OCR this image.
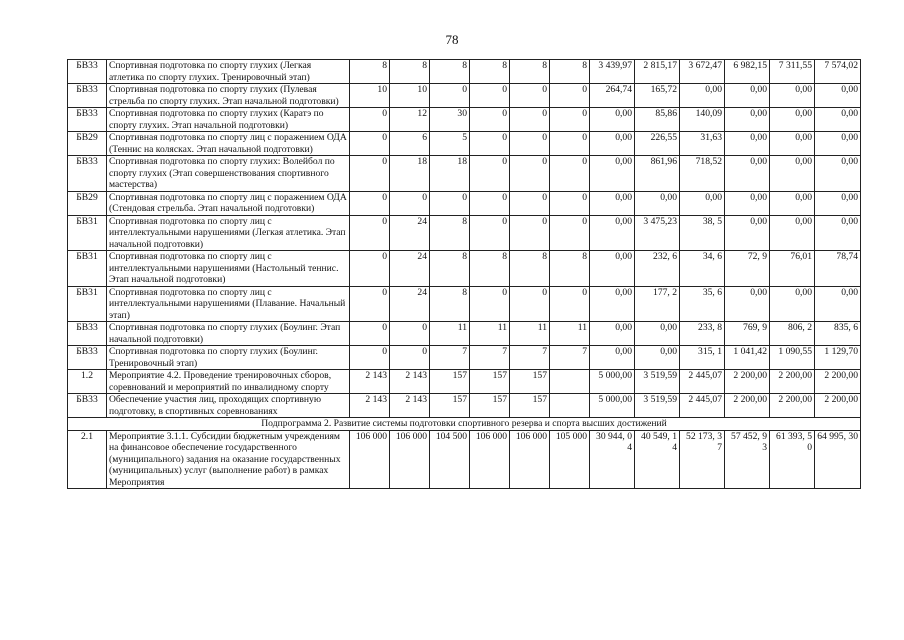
78
БВ33	Спортивная подготовка по спорту глухих (Легкая атлетика по спорту глухих. Тренировочный этап)	8	8	8	8	8	8	3 439,97	2 815,17	3 672,47	6 982,15	7 311,55	7 574,02
БВ33	Спортивная подготовка по спорту глухих (Пулевая стрельба по спорту глухих. Этап начальной подготовки)	10	10	0	0	0	0	264,74	165,72	0,00	0,00	0,00	0,00
БВ33	Спортивная подготовка по спорту глухих (Каратэ по спорту глухих. Этап начальной подготовки)	0	12	30	0	0	0	0,00	85,86	140,09	0,00	0,00	0,00
БВ29	Спортивная подготовка по спорту лиц с поражением ОДА (Теннис на колясках. Этап начальной подготовки)	0	6	5	0	0	0	0,00	226,55	31,63	0,00	0,00	0,00
БВ33	Спортивная подготовка по спорту глухих: Волейбол по спорту глухих (Этап совершенствования спортивного мастерства)	0	18	18	0	0	0	0,00	861,96	718,52	0,00	0,00	0,00
БВ29	Спортивная подготовка по спорту лиц с поражением ОДА (Стендовая стрельба. Этап начальной подготовки)	0	0	0	0	0	0	0,00	0,00	0,00	0,00	0,00	0,00
БВ31	Спортивная подготовка по спорту лиц с интеллектуальными нарушениями (Легкая атлетика. Этап начальной подготовки)	0	24	8	0	0	0	0,00	3 475,23	38, 5	0,00	0,00	0,00
БВ31	Спортивная подготовка по спорту лиц с интеллектуальными нарушениями (Настольный теннис. Этап начальной подготовки)	0	24	8	8	8	8	0,00	232, 6	34, 6	72, 9	76,01	78,74
БВ31	Спортивная подготовка по спорту лиц с интеллектуальными нарушениями (Плавание. Начальный этап)	0	24	8	0	0	0	0,00	177, 2	35, 6	0,00	0,00	0,00
БВ33	Спортивная подготовка по спорту глухих (Боулинг. Этап начальной подготовки)	0	0	11	11	11	11	0,00	0,00	233, 8	769, 9	806, 2	835, 6
БВ33	Спортивная подготовка по спорту глухих (Боулинг. Тренировочный этап)	0	0	7	7	7	7	0,00	0,00	315, 1	1 041,42	1 090,55	1 129,70
1.2	Мероприятие 4.2. Проведение тренировочных сборов, соревнований и мероприятий по инвалидному спорту	2 143	2 143	157	157	157		5 000,00	3 519,59	2 445,07	2 200,00	2 200,00	2 200,00
БВ33	Обеспечение участия лиц, проходящих спортивную подготовку, в спортивных соревнованиях	2 143	2 143	157	157	157		5 000,00	3 519,59	2 445,07	2 200,00	2 200,00	2 200,00
Подпрограмма 2. Развитие системы подготовки спортивного резерва и спорта высших достижений													
2.1	Мероприятие 3.1.1. Субсидии бюджетным учреждениям на финансовое обеспечение государственного (муниципального) задания на оказание государственных (муниципальных) услуг (выполнение работ) в рамках Мероприятия	106 000	106 000	104 500	106 000	106 000	105 000	30 944, 04	40 549, 14	52 173, 37	57 452, 93	61 393, 50	64 995, 30
